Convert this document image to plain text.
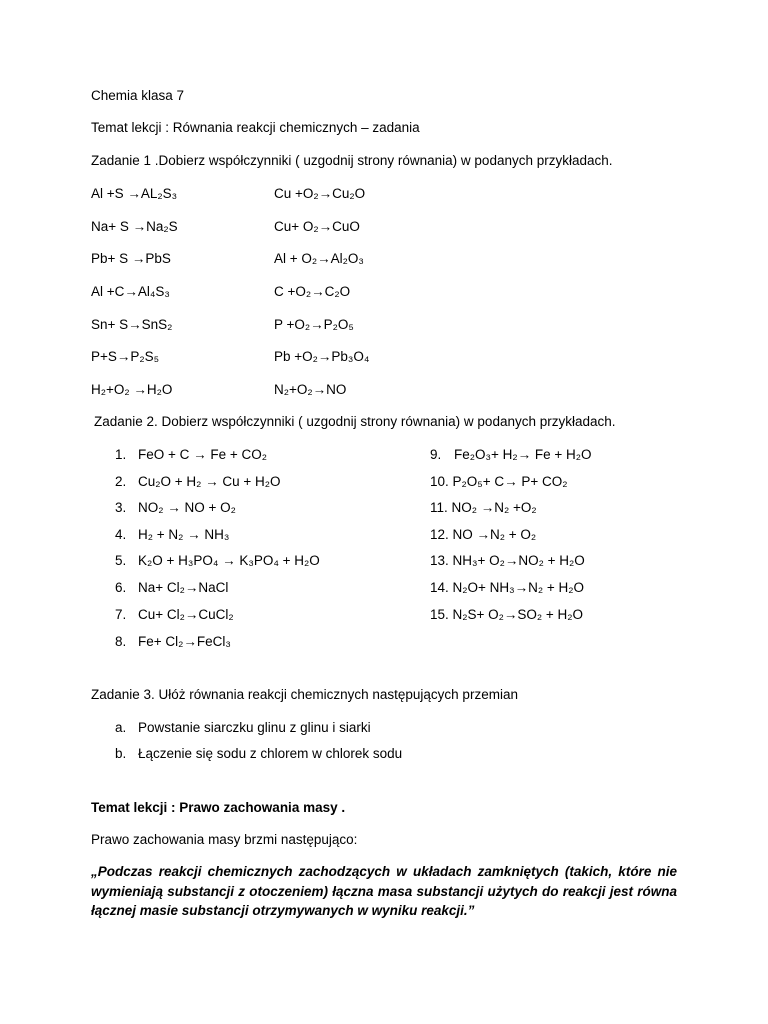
Chemia klasa 7
Temat lekcji : Równania reakcji chemicznych – zadania
Zadanie 1 .Dobierz współczynniki ( uzgodnij strony równania) w podanych przykładach.
Al +S →AL₂S₃
Na+ S →Na₂S
Pb+ S →PbS
Al +C→Al₄S₃
Sn+ S→SnS₂
P+S→P₂S₅
H₂+O₂ →H₂O
Cu +O₂→Cu₂O
Cu+ O₂→CuO
Al + O₂→Al₂O₃
C +O₂→C₂O
P +O₂→P₂O₅
Pb +O₂→Pb₃O₄
N₂+O₂→NO
Zadanie 2. Dobierz współczynniki ( uzgodnij strony równania) w podanych przykładach.
1. FeO + C → Fe + CO₂
2. Cu₂O + H₂ → Cu + H₂O
3. NO₂ → NO + O₂
4. H₂ + N₂ → NH₃
5. K₂O + H₃PO₄ → K₃PO₄ + H₂O
6. Na+ Cl₂→NaCl
7. Cu+ Cl₂→CuCl₂
8. Fe+ Cl₂→FeCl₃
9. Fe₂O₃+ H₂→ Fe + H₂O
10. P₂O₅+ C→ P+ CO₂
11. NO₂ →N₂ +O₂
12. NO →N₂ + O₂
13. NH₃+ O₂→NO₂ + H₂O
14. N₂O+ NH₃→N₂ + H₂O
15. N₂S+ O₂→SO₂ + H₂O
Zadanie 3. Ułóż równania reakcji chemicznych następujących przemian
a. Powstanie siarczku glinu z glinu i siarki
b. Łączenie się sodu z chlorem w chlorek sodu
Temat lekcji : Prawo zachowania masy .
Prawo zachowania masy brzmi następująco:
„Podczas reakcji chemicznych zachodzących w układach zamkniętych (takich, które nie wymieniają substancji z otoczeniem) łączna masa substancji użytych do reakcji jest równa łącznej masie substancji otrzymywanych w wyniku reakcji.”
